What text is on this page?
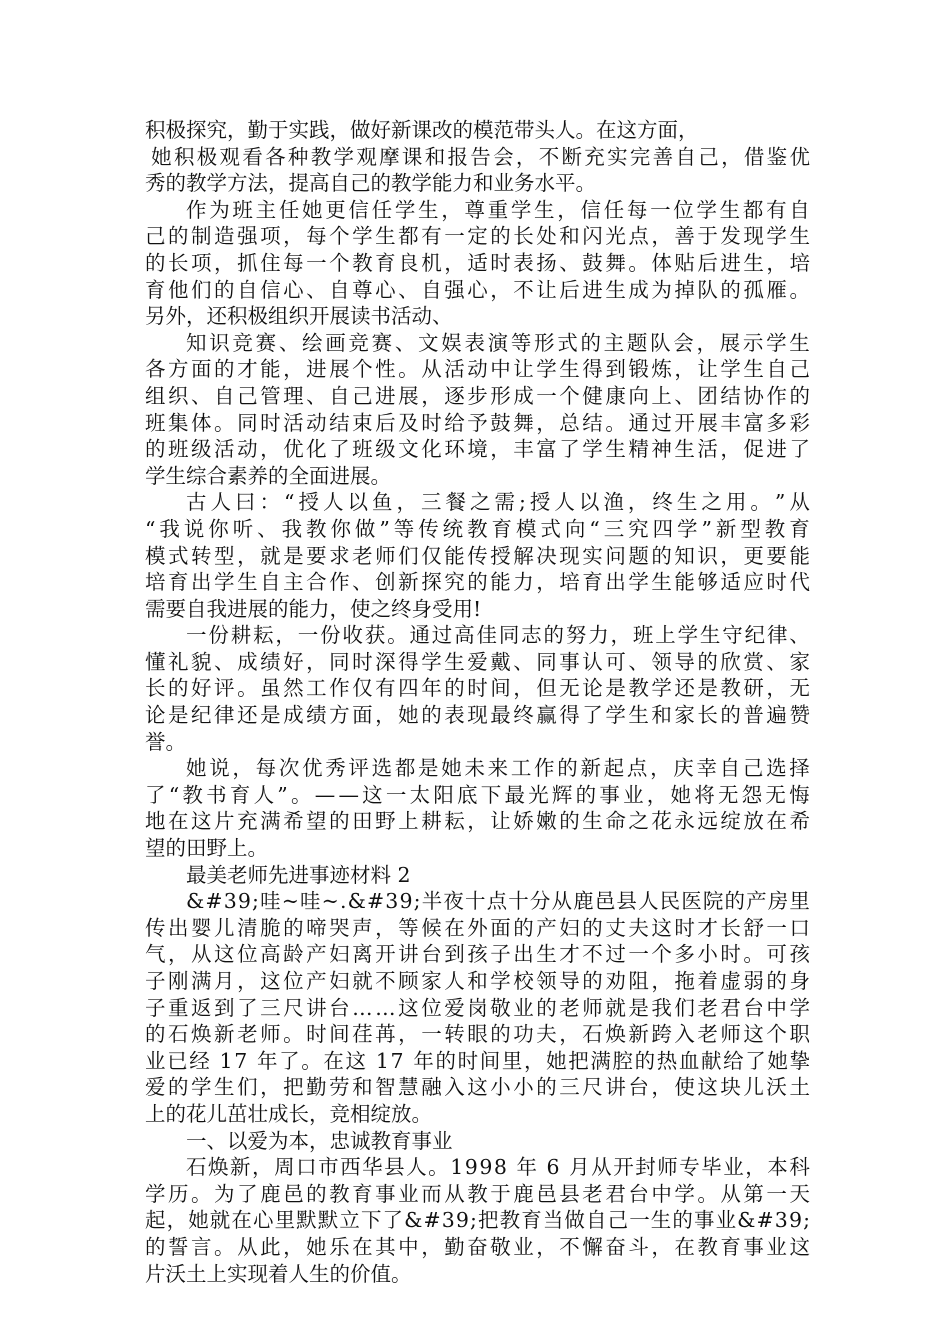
积极探究，勤于实践，做好新课改的模范带头人。在这方面，
她 积 极 观 看 各 种 教 学 观 摩 课 和 报 告 会 ， 不 断 充 实 完 善 自 己 ， 借 鉴 优
秀的教学方法，提高自己的教学能力和业务水平。
作 为 班 主 任 她 更 信 任 学 生 ， 尊 重 学 生 ， 信 任 每 一 位 学 生 都 有 自
己 的 制 造 强 项 ， 每 个 学 生 都 有 一 定 的 长 处 和 闪 光 点 ， 善 于 发 现 学 生
的 长 项 ， 抓 住 每 一 个 教 育 良 机 ， 适 时 表 扬 、 鼓 舞 。 体 贴 后 进 生 ， 培
育 他 们 的 自 信 心 、 自 尊 心 、 自 强 心 ， 不 让 后 进 生 成 为 掉 队 的 孤 雁 。
另外，还积极组织开展读书活动、
知 识 竞 赛 、 绘 画 竞 赛 、 文 娱 表 演 等 形 式 的 主 题 队 会 ， 展 示 学 生
各 方 面 的 才 能 ， 进 展 个 性 。 从 活 动 中 让 学 生 得 到 锻 炼 ， 让 学 生 自 己
组 织 、 自 己 管 理 、 自 己 进 展 ， 逐 步 形 成 一 个 健 康 向 上 、 团 结 协 作 的
班 集 体 。 同 时 活 动 结 束 后 及 时 给 予 鼓 舞 ， 总 结 。 通 过 开 展 丰 富 多 彩
的 班 级 活 动 ， 优 化 了 班 级 文 化 环 境 ， 丰 富 了 学 生 精 神 生 活 ， 促 进 了
学生综合素养的全面进展。
古 人 曰 ： “ 授 人 以 鱼 ， 三 餐 之 需 ; 授 人 以 渔 ， 终 生 之 用 。 ” 从
“ 我 说 你 听 、 我 教 你 做 ” 等 传 统 教 育 模 式 向 “ 三 究 四 学 ” 新 型 教 育
模 式 转 型 ， 就 是 要 求 老 师 们 仅 能 传 授 解 决 现 实 问 题 的 知 识 ， 更 要 能
培 育 出 学 生 自 主 合 作 、 创 新 探 究 的 能 力 ， 培 育 出 学 生 能 够 适 应 时 代
需要自我进展的能力，使之终身受用!
一 份 耕 耘 ， 一 份 收 获 。 通 过 高 佳 同 志 的 努 力 ， 班 上 学 生 守 纪 律 、
懂 礼 貌 、 成 绩 好 ， 同 时 深 得 学 生 爱 戴 、 同 事 认 可 、 领 导 的 欣 赏 、 家
长 的 好 评 。 虽 然 工 作 仅 有 四 年 的 时 间 ， 但 无 论 是 教 学 还 是 教 研 ， 无
论 是 纪 律 还 是 成 绩 方 面 ， 她 的 表 现 最 终 赢 得 了 学 生 和 家 长 的 普 遍 赞
誉。
她 说 ， 每 次 优 秀 评 选 都 是 她 未 来 工 作 的 新 起 点 ， 庆 幸 自 己 选 择
了 “ 教 书 育 人 ” 。 — — 这 一 太 阳 底 下 最 光 辉 的 事 业 ， 她 将 无 怨 无 悔
地 在 这 片 充 满 希 望 的 田 野 上 耕 耘 ， 让 娇 嫩 的 生 命 之 花 永 远 绽 放 在 希
望的田野上。
最美老师先进事迹材料 2
& # 3 9 ; 哇 ~ 哇 ~ . & # 3 9 ; 半 夜 十 点 十 分 从 鹿 邑 县 人 民 医 院 的 产 房 里
传 出 婴 儿 清 脆 的 啼 哭 声 ， 等 候 在 外 面 的 产 妇 的 丈 夫 这 时 才 长 舒 一 口
气 ， 从 这 位 高 龄 产 妇 离 开 讲 台 到 孩 子 出 生 才 不 过 一 个 多 小 时 。 可 孩
子 刚 满 月 ， 这 位 产 妇 就 不 顾 家 人 和 学 校 领 导 的 劝 阻 ， 拖 着 虚 弱 的 身
子 重 返 到 了 三 尺 讲 台 … … 这 位 爱 岗 敬 业 的 老 师 就 是 我 们 老 君 台 中 学
的 石 焕 新 老 师 。 时 间 荏 苒 ， 一 转 眼 的 功 夫 ， 石 焕 新 跨 入 老 师 这 个 职
业 已 经
1 7
年 了 。 在 这
1 7
年 的 时 间 里 ， 她 把 满 腔 的 热 血 献 给 了 她 挚
爱 的 学 生 们 ， 把 勤 劳 和 智 慧 融 入 这 小 小 的 三 尺 讲 台 ， 使 这 块 儿 沃 土
上的花儿茁壮成长，竞相绽放。
一、以爱为本，忠诚教育事业
石 焕 新 ， 周 口 市 西 华 县 人 。 1 9 9 8
年
6
月 从 开 封 师 专 毕 业 ， 本 科
学 历 。 为 了 鹿 邑 的 教 育 事 业 而 从 教 于 鹿 邑 县 老 君 台 中 学 。 从 第 一 天
起 ， 她 就 在 心 里 默 默 立 下 了 & # 3 9 ; 把 教 育 当 做 自 己 一 生 的 事 业 & # 3 9 ;
的 誓 言 。 从 此 ， 她 乐 在 其 中 ， 勤 奋 敬 业 ， 不 懈 奋 斗 ， 在 教 育 事 业 这
片沃土上实现着人生的价值。
